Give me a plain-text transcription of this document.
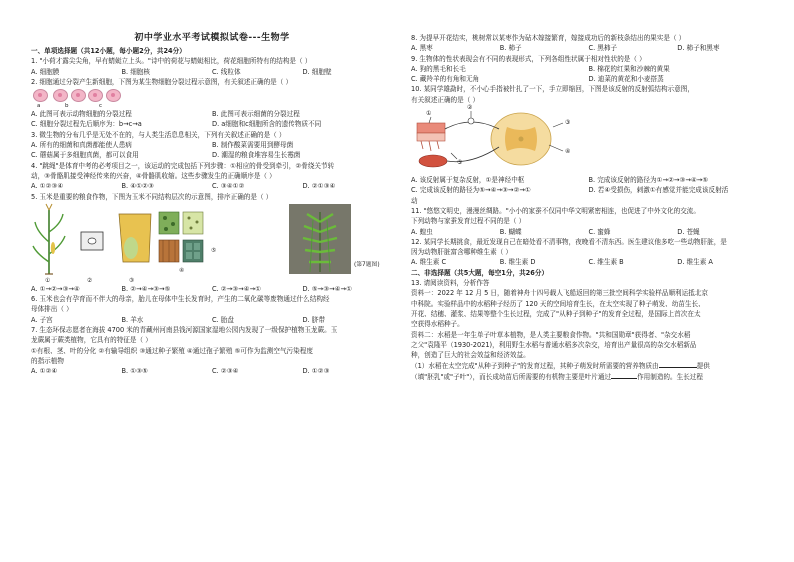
初中学业水平考试模拟试卷---生物学
一、单项选择题（共12小题，每小题2分，共24分）
1. "小荷才露尖尖角，早有蜻蜓立上头。"诗中的荷花与蜻蜓相比，荷花细胞所特有的结构是（ ）
A. 细胞膜	B. 细胞核	C. 线粒体	D. 细胞壁
2. 细胞通过分裂产生新细胞，下图为某生物细胞分裂过程示意图，有关叙述正确的是（ ）
a	b	c
A. 此图可表示动物细胞的分裂过程	B. 此图可表示细菌的分裂过程
C. 细胞分裂过程先后顺序为：b→c→a	D. a细胞和c细胞所含的遗传物质不同
3. 微生物的分布几乎是无处不在的，与人类生活息息相关，下列有关叙述正确的是（ ）
A. 所有的细菌和真菌都能使人患病	B. 制作酸菜需要用到酵母菌
C. 蘑菇属于多细胞真菌，都可以食用	D. 潮湿的粮食堆容易生长霉菌
4. "跳绳"是体育中考的必考项目之一，该运动的完成包括下列步骤：①相应的骨受到牵引，②骨绕关节转
动，③骨骼肌接受神经传来的兴奋，④骨骼肌收缩。这些步骤发生的正确顺序是（ ）
A. ①②③④	B. ④①②③	C. ③④①②	D. ②①③④
5. 玉米是重要的粮食作物，下图为玉米不同结构层次的示意图，排序正确的是（ ）
①	②	③
④
⑤
(第7题图)
A. ①→②→③→④	B. ②→④→③→⑤	C. ②→③→④→①	D. ⑤→③→④→①
6. 玉米也会有孕育而不伴大的母亲，胎儿在母体中生长发育时，产生的二氧化碳等废物通过什么结构经
母体排出（ ）
A. 子宫	B. 羊水	C. 胎盘	D. 脐带
7. 生态环保志愿者在海拔 4700 米的青藏州河南县钱河源国家湿地公园内发现了一级保护植物玉龙蕨。玉
龙蕨属于蕨类植物，它具有的特征是（ ）
①有根、茎、叶的分化 ②有输导组织 ③通过种子繁殖 ④通过孢子繁殖 ⑤可作为监测空气污染程度
的指示植物
A. ①②④	B. ①③⑤	C. ②③④	D. ①②③
8. 为提早开花结实，桃树常以某枣作为砧木嫁接繁育，嫁接成功后的新枝条结出的果实是（ ）
A. 黑枣	B. 柿子	C. 黑柿子	D. 柿子和黑枣
9. 生物体的性状表现会有不同的表现形式，下列各组性状属于相对性状的是（ ）
A. 狗的黑毛和长毛	B. 棉花的红果和沙棘的黄果
C. 藏羚羊的有角和无角	D. 迪菜的黄花和小麦搭蒸
10. 某同学雄勐时，不小心手指被针扎了一下，手立即缩回，下图是该反射的反射弧结构示意图，
有关叙述正确的是（ ）
①
②
③
④
⑤
A. 该反射属于复杂反射，①是神经中枢	B. 完成该反射的路径为①→②→③→④→⑤
C. 完成该反射的路径为⑤→④→③→②→①	D. 若④受损伤，刺激①有感觉并能完成该反射活
动
11. "悠悠文明史，漫漫丝绸路。"小小的家蚕不仅同中华文明紧密相连，也促进了中外文化的交流。
下列动物与家蚕发育过程不同的是（ ）
A. 蝗虫	B. 蝴蝶	C. 蜜蜂	D. 苍蝇
12. 某同学长期挑食，最近发现自己在暗处看不清事物，夜晚看不清东西。医生建议他多吃一些动物肝脏，是
因为动物肝脏富含哪种维生素（ ）
A. 维生素 C	B. 维生素 D	C. 维生素 B	D. 维生素 A
二、非选择题（共5大题，每空1分，共26分）
13. 请阅读资料，分析作答
资料一：2022 年 12 月 5 日，随着神舟十四号载人飞船返回的第三批空间科学实验样品顺利运抵北京
中科院。实验样品中的水稻种子经历了 120 天的空间培育生长，在太空实现了种子萌发、幼苗生长、
开花、结穗、灌浆、结果等整个生长过程，完成了"从种子到种子"的发育全过程，是国际上首次在太
空获得水稻种子。
资料二：水稻是一年生单子叶草本植物，是人类主要粮食作物。"共和国勋章"获得者、"杂交水稻
之父"袁隆平（1930-2021)，利用野生水稻与普通水稻多次杂交，培育出产量很高的杂交水稻新品
种，创造了巨大的社会效益和经济效益。
（1）水稻在太空完成"从种子到种子"的发育过程，其种子萌发时所需要的营养物质由	提供
（填"胚乳"或"子叶"），而长成幼苗后所需要的有机物主要是叶片通过	作用制造的。生长过程
